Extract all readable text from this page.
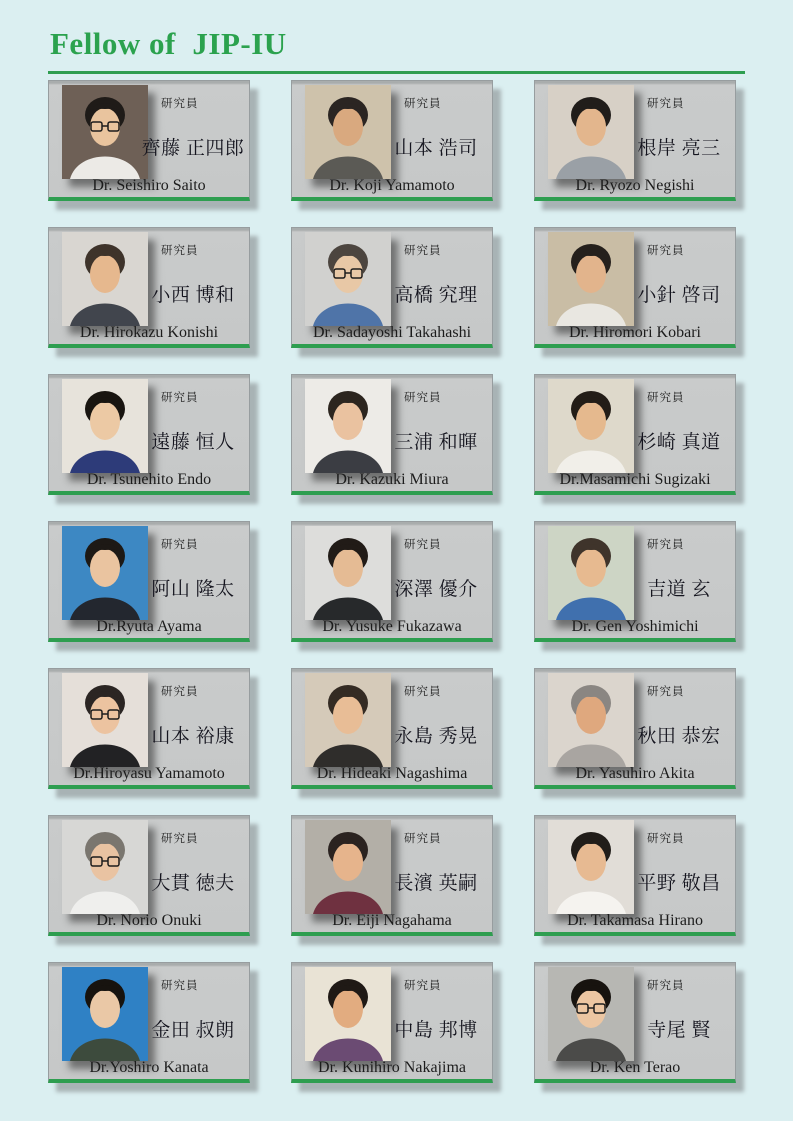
Fellow of  JIP-IU
研究員
齊藤 正四郎
Dr. Seishiro Saito
研究員
山本 浩司
Dr. Koji Yamamoto
研究員
根岸 亮三
Dr. Ryozo Negishi
研究員
小西 博和
Dr. Hirokazu Konishi
研究員
高橋 究理
Dr. Sadayoshi Takahashi
研究員
小針 啓司
Dr. Hiromori Kobari
研究員
遠藤 恒人
Dr. Tsunehito Endo
研究員
三浦 和暉
Dr. Kazuki Miura
研究員
杉崎 真道
Dr.Masamichi Sugizaki
研究員
阿山 隆太
Dr.Ryuta Ayama
研究員
深澤 優介
Dr. Yusuke Fukazawa
研究員
吉道 玄
Dr. Gen Yoshimichi
研究員
山本 裕康
Dr.Hiroyasu Yamamoto
研究員
永島 秀晃
Dr. Hideaki Nagashima
研究員
秋田 恭宏
Dr. Yasuhiro Akita
研究員
大貫 徳夫
Dr. Norio Onuki
研究員
長濱 英嗣
Dr. Eiji Nagahama
研究員
平野 敬昌
Dr. Takamasa Hirano
研究員
金田 叔朗
Dr.Yoshiro Kanata
研究員
中島 邦博
Dr. Kunihiro Nakajima
研究員
寺尾 賢
Dr. Ken Terao
